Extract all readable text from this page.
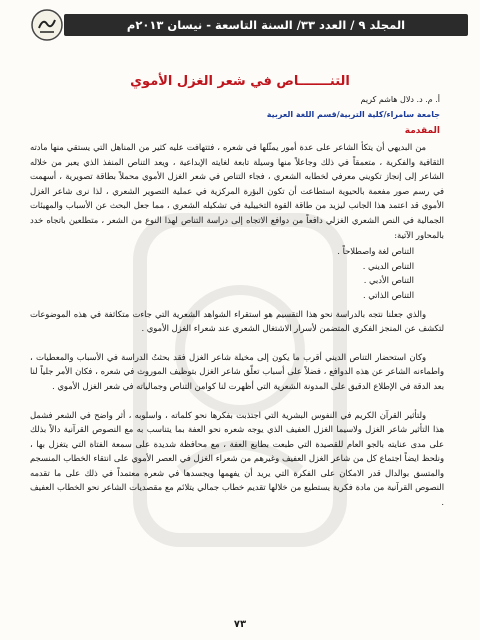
المجلد ٩ / العدد ٣٣/ السنة التاسعة - نيسان ٢٠١٣م
التنـــــــاص في شعر الغزل الأموي
أ. م. د. دلال هاشم كريم
جامعة سامراء/كلية التربية/قسم اللغة العربية
المقدمة

من البديهي أن يتكأ الشاعر على عدة أمور يمثّلها في شعره ، فتتهافت عليه كثير من المناهل التي يستقي منها مادته الثقافية والفكرية ، متعمقاً في ذلك وجاعلاً منها وسيلة تابعة لغايته الإبداعية ، ويعد التناص المنفذ الذي يعبر من خلاله الشاعر إلى إنجاز تكويني معرفي لخطابه الشعري ، فجاء التناص في شعر الغزل الأموي محملاً بطاقة تصويرية ، أسهمت في رسم صور مفعمة بالحيوية استطاعت أن تكون البؤرة المركزية في عملية التصوير الشعري ، لذا نرى شاعر الغزل الأموي قد اعتمد هذا الجانب ليزيد من طاقة القوة التخييلية في تشكيله الشعري ، مما جعل البحث عن الأسباب والمهيئات الجمالية في النص الشعري الغزلي دافعاً من دوافع الاتجاه إلى دراسة التناص لهذا النوع من الشعر ، متطلعين باتجاه خدد بالمحاور الآتية:

التناص لغة واصطلاحاً .
التناص الديني .
التناص الأدبي .
التناص الذاتي .

والذي جعلنا نتجه بالدراسة نحو هذا التقسيم هو استقراء الشواهد الشعرية التي جاءت متكاثفة في هذه الموضوعات لتكشف عن المنجز الفكري المتضمن لأسرار الاشتغال الشعري عند شعراء الغزل الأموي .

وكان استحضار التناص الديني أقرب ما يكون إلى مخيلة شاعر الغزل فقد بحثتُ الدراسة في الأسباب والمعطيات ، واطماءنه الشاعر عن هذه الدوافع ، فضلاً على أسباب تعلّق شاعر الغزل بتوظيف الموروث في شعره ، فكان الأمر جلياً لنا بعد الدقة في الإطلاع الدقيق على المدونة الشعرية التي أظهرت لنا كوامن التناص وجمالياته في شعر الغزل الأموي .

ولتأثير القرآن الكريم في النفوس البشرية التي اجتذبت بفكرها نحو كلماته ، واسلوبه ، أثر واضح في الشعر فشمل هذا التأثير شاعر الغزل ولاسيما الغزل العفيف الذي يوجه شعره نحو العفة بما يتناسب به مع النصوص القرآنية دالاً بذلك على مدى عنايته بالجو العام للقصيدة التي طبعت بطابع العفة ، مع محافظة شديدة على سمعة الفتاة التي يتغزل بها ، ونلحظ ايضاً اجتماع كل من شاعر الغزل العفيف وغيرهم من شعراء الغزل في العصر الأموي على انتقاء الخطاب المنسجم والمتسق بوالدال قدر الامكان على الفكرة التي يريد أن يفهمها ويجسدها في شعره معتمداً في ذلك على ما تقدمه النصوص القرآنية من مادة فكرية يستطيع من خلالها تقديم خطاب جمالي يتلائم مع مقصديات الشاعر نحو الخطاب العفيف .

٧٣
